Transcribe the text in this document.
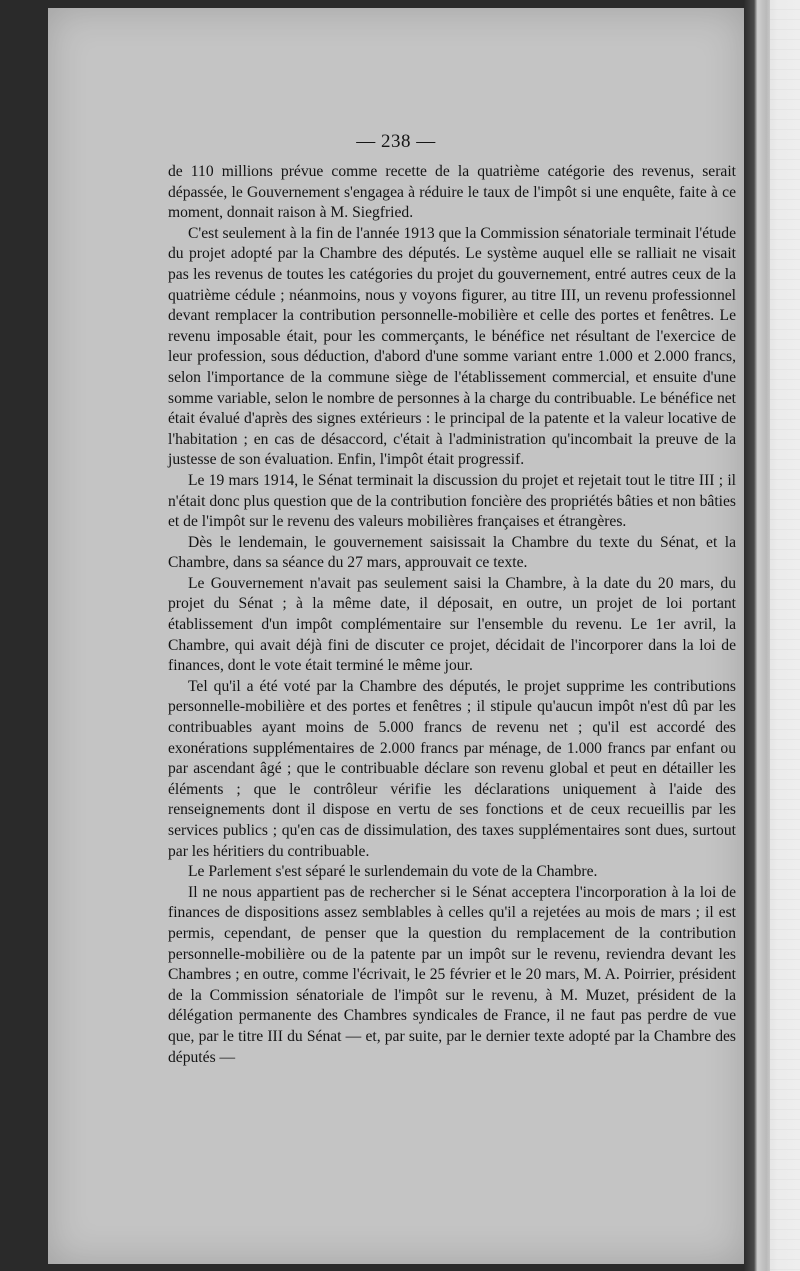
— 238 —

de 110 millions prévue comme recette de la quatrième catégorie des revenus, serait dépassée, le Gouvernement s'engagea à réduire le taux de l'impôt si une enquête, faite à ce moment, donnait raison à M. Siegfried.

C'est seulement à la fin de l'année 1913 que la Commission sénatoriale terminait l'étude du projet adopté par la Chambre des députés. Le système auquel elle se ralliait ne visait pas les revenus de toutes les catégories du projet du gouvernement, entré autres ceux de la quatrième cédule ; néanmoins, nous y voyons figurer, au titre III, un revenu professionnel devant remplacer la contribution personnelle-mobilière et celle des portes et fenêtres. Le revenu imposable était, pour les commerçants, le bénéfice net résultant de l'exercice de leur profession, sous déduction, d'abord d'une somme variant entre 1.000 et 2.000 francs, selon l'importance de la commune siège de l'établissement commercial, et ensuite d'une somme variable, selon le nombre de personnes à la charge du contribuable. Le bénéfice net était évalué d'après des signes extérieurs : le principal de la patente et la valeur locative de l'habitation ; en cas de désaccord, c'était à l'administration qu'incombait la preuve de la justesse de son évaluation. Enfin, l'impôt était progressif.

Le 19 mars 1914, le Sénat terminait la discussion du projet et rejetait tout le titre III ; il n'était donc plus question que de la contribution foncière des propriétés bâties et non bâties et de l'impôt sur le revenu des valeurs mobilières françaises et étrangères.

Dès le lendemain, le gouvernement saisissait la Chambre du texte du Sénat, et la Chambre, dans sa séance du 27 mars, approuvait ce texte.

Le Gouvernement n'avait pas seulement saisi la Chambre, à la date du 20 mars, du projet du Sénat ; à la même date, il déposait, en outre, un projet de loi portant établissement d'un impôt complémentaire sur l'ensemble du revenu. Le 1er avril, la Chambre, qui avait déjà fini de discuter ce projet, décidait de l'incorporer dans la loi de finances, dont le vote était terminé le même jour.

Tel qu'il a été voté par la Chambre des députés, le projet supprime les contributions personnelle-mobilière et des portes et fenêtres ; il stipule qu'aucun impôt n'est dû par les contribuables ayant moins de 5.000 francs de revenu net ; qu'il est accordé des exonérations supplémentaires de 2.000 francs par ménage, de 1.000 francs par enfant ou par ascendant âgé ; que le contribuable déclare son revenu global et peut en détailler les éléments ; que le contrôleur vérifie les déclarations uniquement à l'aide des renseignements dont il dispose en vertu de ses fonctions et de ceux recueillis par les services publics ; qu'en cas de dissimulation, des taxes supplémentaires sont dues, surtout par les héritiers du contribuable.

Le Parlement s'est séparé le surlendemain du vote de la Chambre.

Il ne nous appartient pas de rechercher si le Sénat acceptera l'incorporation à la loi de finances de dispositions assez semblables à celles qu'il a rejetées au mois de mars ; il est permis, cependant, de penser que la question du remplacement de la contribution personnelle-mobilière ou de la patente par un impôt sur le revenu, reviendra devant les Chambres ; en outre, comme l'écrivait, le 25 février et le 20 mars, M. A. Poirrier, président de la Commission sénatoriale de l'impôt sur le revenu, à M. Muzet, président de la délégation permanente des Chambres syndicales de France, il ne faut pas perdre de vue que, par le titre III du Sénat — et, par suite, par le dernier texte adopté par la Chambre des députés —
